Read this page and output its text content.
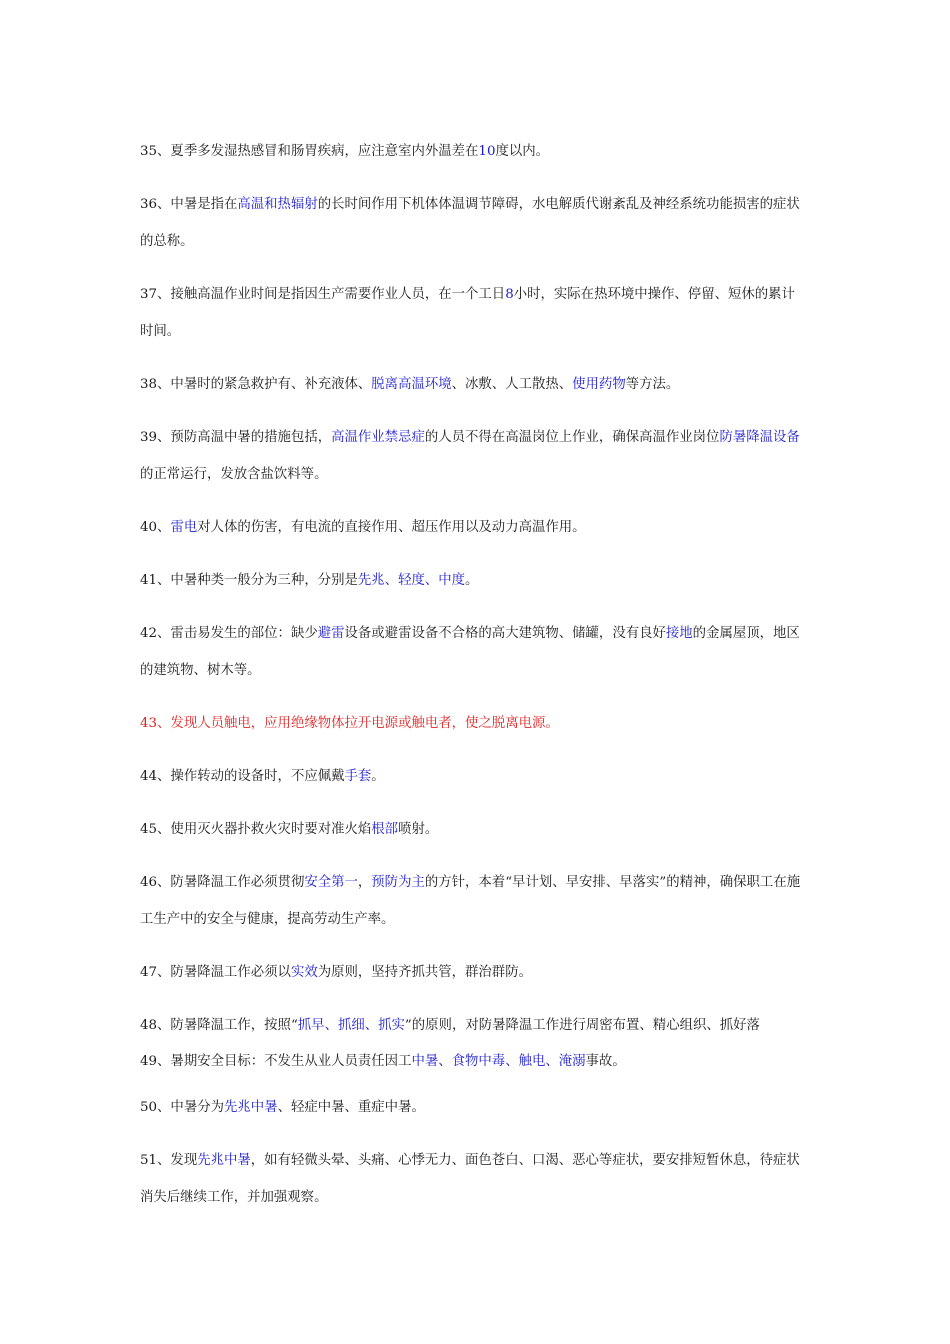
35、夏季多发湿热感冒和肠胃疾病，应注意室内外温差在10度以内。
36、中暑是指在高温和热辐射的长时间作用下机体体温调节障碍，水电解质代谢紊乱及神经系统功能损害的症状的总称。
37、接触高温作业时间是指因生产需要作业人员，在一个工日8小时，实际在热环境中操作、停留、短休的累计时间。
38、中暑时的紧急救护有、补充液体、脱离高温环境、冰敷、人工散热、使用药物等方法。
39、预防高温中暑的措施包括，高温作业禁忌症的人员不得在高温岗位上作业，确保高温作业岗位防暑降温设备的正常运行，发放含盐饮料等。
40、雷电对人体的伤害，有电流的直接作用、超压作用以及动力高温作用。
41、中暑种类一般分为三种，分别是先兆、轻度、中度。
42、雷击易发生的部位：缺少避雷设备或避雷设备不合格的高大建筑物、储罐，没有良好接地的金属屋顶，地区的建筑物、树木等。
43、发现人员触电，应用绝缘物体拉开电源或触电者，使之脱离电源。
44、操作转动的设备时，不应佩戴手套。
45、使用灭火器扑救火灾时要对准火焰根部喷射。
46、防暑降温工作必须贯彻安全第一，预防为主的方针，本着“早计划、早安排、早落实”的精神，确保职工在施工生产中的安全与健康，提高劳动生产率。
47、防暑降温工作必须以实效为原则，坚持齐抓共管，群治群防。
48、防暑降温工作，按照“抓早、抓细、抓实”的原则，对防暑降温工作进行周密布置、精心组织、抓好落
49、暑期安全目标：不发生从业人员责任因工中暑、食物中毒、触电、淹溺事故。
50、中暑分为先兆中暑、轻症中暑、重症中暑。
51、发现先兆中暑，如有轻微头晕、头痛、心悸无力、面色苍白、口渴、恶心等症状，要安排短暂休息，待症状消失后继续工作，并加强观察。
